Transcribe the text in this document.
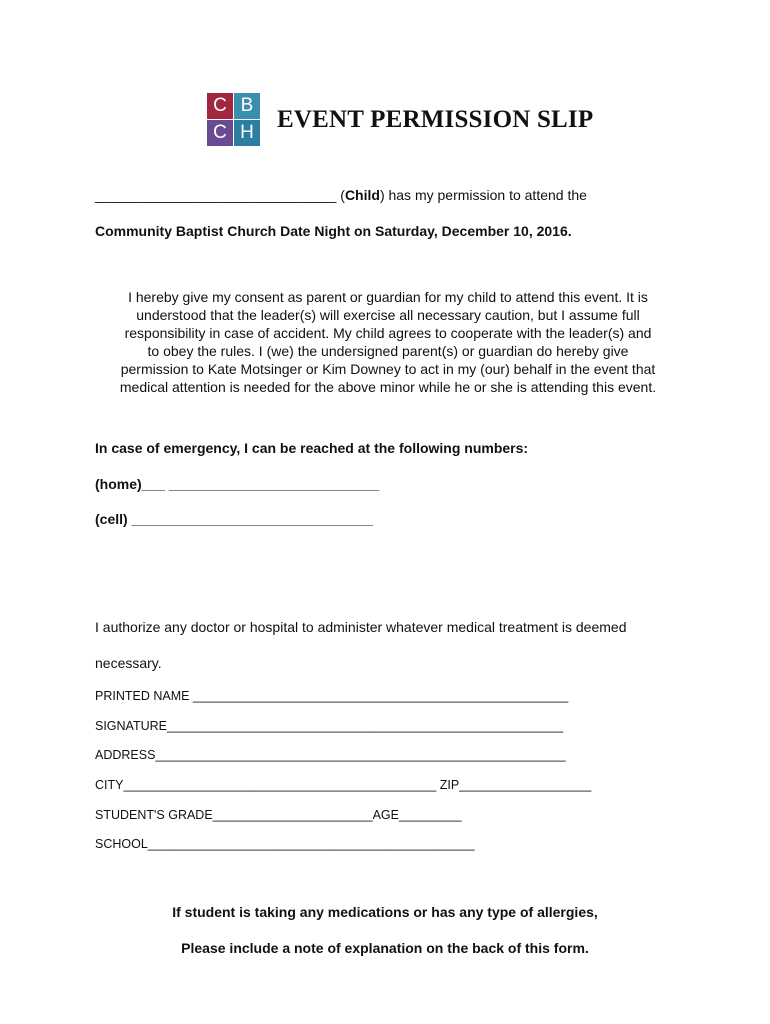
C B
C H EVENT PERMISSION SLIP
_______________________________ (Child) has my permission to attend the
Community Baptist Church Date Night on Saturday, December 10, 2016.
I hereby give my consent as parent or guardian for my child to attend this event. It is
understood that the leader(s) will exercise all necessary caution, but I assume full
responsibility in case of accident. My child agrees to cooperate with the leader(s) and
to obey the rules. I (we) the undersigned parent(s) or guardian do hereby give
permission to Kate Motsinger or Kim Downey to act in my (our) behalf in the event that
medical attention is needed for the above minor while he or she is attending this event.
In case of emergency, I can be reached at the following numbers:
(home)___ ___________________________
(cell) _______________________________
I authorize any doctor or hospital to administer whatever medical treatment is deemed
necessary.
PRINTED NAME ______________________________________________________
SIGNATURE_________________________________________________________
ADDRESS___________________________________________________________
CITY_____________________________________________ ZIP___________________
STUDENT'S GRADE_______________________AGE_________
SCHOOL_______________________________________________
If student is taking any medications or has any type of allergies,
Please include a note of explanation on the back of this form.
